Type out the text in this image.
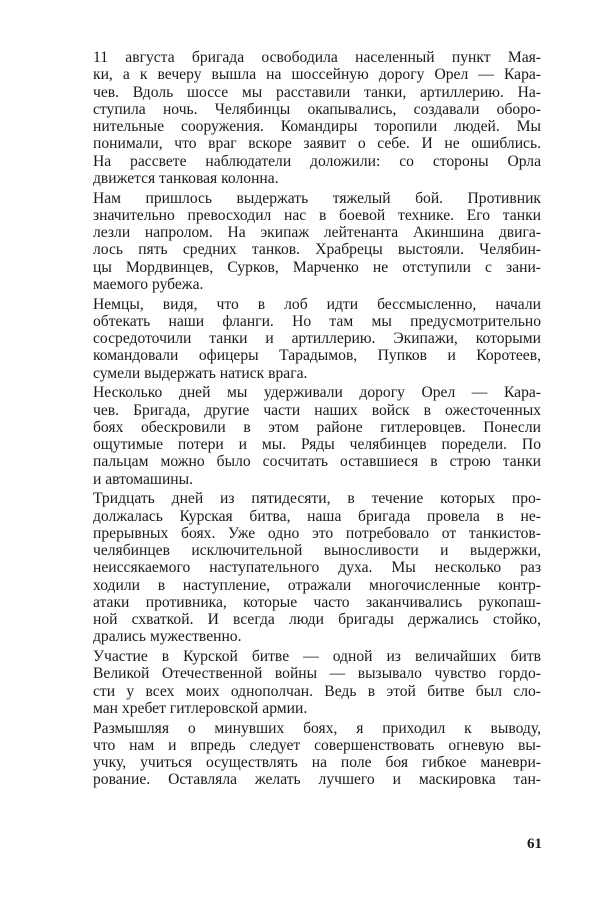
11 августа бригада освободила населенный пункт Мая-
ки, а к вечеру вышла на шоссейную дорогу Орел — Кара-
чев. Вдоль шоссе мы расставили танки, артиллерию. На-
ступила ночь. Челябинцы окапывались, создавали оборо-
нительные сооружения. Командиры торопили людей. Мы
понимали, что враг вскоре заявит о себе. И не ошиблись.
На рассвете наблюдатели доложили: со стороны Орла
движется танковая колонна.
Нам пришлось выдержать тяжелый бой. Противник
значительно превосходил нас в боевой технике. Его танки
лезли напролом. На экипаж лейтенанта Акиншина двига-
лось пять средних танков. Храбрецы выстояли. Челябин-
цы Мордвинцев, Сурков, Марченко не отступили с зани-
маемого рубежа.
Немцы, видя, что в лоб идти бессмысленно, начали
обтекать наши фланги. Но там мы предусмотрительно
сосредоточили танки и артиллерию. Экипажи, которыми
командовали офицеры Тарадымов, Пупков и Коротеев,
сумели выдержать натиск врага.
Несколько дней мы удерживали дорогу Орел — Кара-
чев. Бригада, другие части наших войск в ожесточенных
боях обескровили в этом районе гитлеровцев. Понесли
ощутимые потери и мы. Ряды челябинцев поредели. По
пальцам можно было сосчитать оставшиеся в строю танки
и автомашины.
Тридцать дней из пятидесяти, в течение которых про-
должалась Курская битва, наша бригада провела в не-
прерывных боях. Уже одно это потребовало от танкистов-
челябинцев исключительной выносливости и выдержки,
неиссякаемого наступательного духа. Мы несколько раз
ходили в наступление, отражали многочисленные контр-
атаки противника, которые часто заканчивались рукопаш-
ной схваткой. И всегда люди бригады держались стойко,
дрались мужественно.
Участие в Курской битве — одной из величайших битв
Великой Отечественной войны — вызывало чувство гордо-
сти у всех моих однополчан. Ведь в этой битве был сло-
ман хребет гитлеровской армии.
Размышляя о минувших боях, я приходил к выводу,
что нам и впредь следует совершенствовать огневую вы-
учку, учиться осуществлять на поле боя гибкое маневри-
рование. Оставляла желать лучшего и маскировка тан-
61
